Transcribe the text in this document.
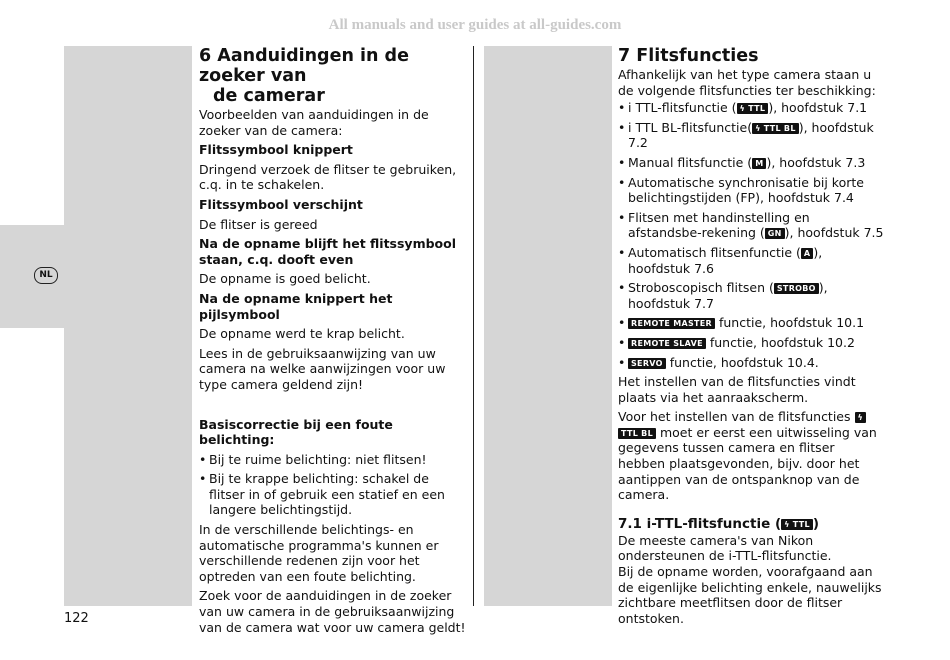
All manuals and user guides at all-guides.com
NL
6 Aanduidingen in de zoeker van
de camerar

Voorbeelden van aanduidingen in de zoeker van de camera:

Flitssymbool knippert

Dringend verzoek de flitser te gebruiken, c.q. in te schakelen.

Flitssymbool verschijnt

De flitser is gereed

Na de opname blijft het flitssymbool staan, c.q. dooft even

De opname is goed belicht.

Na de opname knippert het pijlsymbool

De opname werd te krap belicht.

Lees in de gebruiksaanwijzing van uw camera na welke aanwijzingen voor uw type camera geldend zijn!

Basiscorrectie bij een foute belichting:

• Bij te ruime belichting: niet flitsen!
• Bij te krappe belichting: schakel de flitser in of gebruik een statief en een langere belichtingstijd.

In de verschillende belichtings- en automatische programma's kunnen er verschillende redenen zijn voor het optreden van een foute belichting.

Zoek voor de aanduidingen in de zoeker van uw camera in de gebruiksaanwijzing van de camera wat voor uw camera geldt!

7 Flitsfuncties

Afhankelijk van het type camera staan u de volgende flitsfuncties ter beschikking:

• i TTL-flitsfunctie ( ϟ TTL ), hoofdstuk 7.1
• i TTL BL-flitsfunctie( ϟ TTL BL ), hoofdstuk 7.2
• Manual flitsfunctie ( M ), hoofdstuk 7.3
• Automatische synchronisatie bij korte belichtingstijden (FP), hoofdstuk 7.4
• Flitsen met handinstelling en afstandsbe-rekening ( GN ), hoofdstuk 7.5
• Automatisch flitsenfunctie ( A ), hoofdstuk 7.6
• Stroboscopisch flitsen ( STROBO ), hoofdstuk 7.7
• REMOTE MASTER functie, hoofdstuk 10.1
• REMOTE SLAVE functie, hoofdstuk 10.2
• SERVO functie, hoofdstuk 10.4.

Het instellen van de flitsfuncties vindt plaats via het aanraakscherm.

Voor het instellen van de flitsfuncties ϟ TTL BL moet er eerst een uitwisseling van gegevens tussen camera en flitser hebben plaatsgevonden, bijv. door het aantippen van de ontspanknop van de camera.

7.1 i-TTL-flitsfunctie ( ϟ TTL )

De meeste camera's van Nikon ondersteunen de i-TTL-flitsfunctie.

Bij de opname worden, voorafgaand aan de eigenlijke belichting enkele, nauwelijks zichtbare meetflitsen door de flitser ontstoken.

122
